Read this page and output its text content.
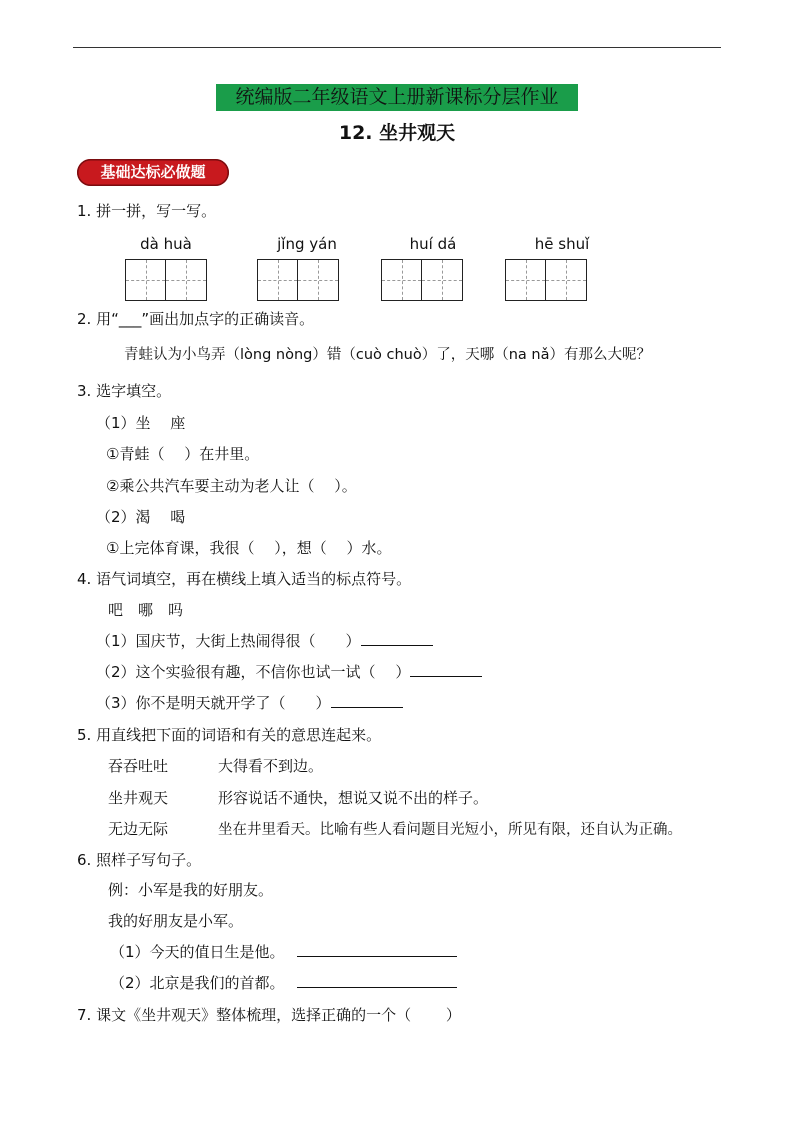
统编版二年级语文上册新课标分层作业
12. 坐井观天
基础达标必做题
1. 拼一拼，写一写。
dà huà	jǐng yán	huí dá	hē shuǐ
2. 用“___”画出加点字的正确读音。
青蛙认为小鸟弄（lòng nòng）错（cuò chuò）了，天哪（na nǎ）有那么大呢？
3. 选字填空。
（1）坐　 座
①青蛙（　 ）在井里。
②乘公共汽车要主动为老人让（　 ）。
（2）渴　 喝
①上完体育课，我很（　 ），想（　 ）水。
4. 语气词填空，再在横线上填入适当的标点符号。
吧　哪　吗
（1）国庆节，大街上热闹得很（　　）
（2）这个实验很有趣，不信你也试一试（　 ）
（3）你不是明天就开学了（　　）
5. 用直线把下面的词语和有关的意思连起来。
吞吞吐吐	大得看不到边。
坐井观天	形容说话不通快，想说又说不出的样子。
无边无际	坐在井里看天。比喻有些人看问题目光短小，所见有限，还自认为正确。
6. 照样子写句子。
例：小军是我的好朋友。
我的好朋友是小军。
（1）今天的值日生是他。
（2）北京是我们的首都。
7. 课文《坐井观天》整体梳理，选择正确的一个（　　 ）
